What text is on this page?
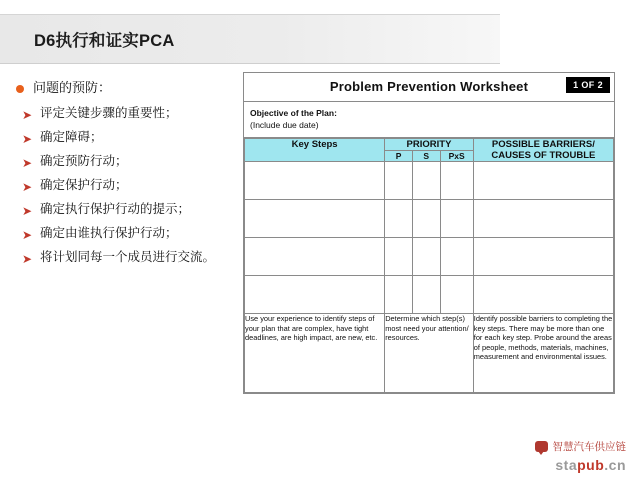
D6执行和证实PCA
问题的预防：
➤ 评定关键步骤的重要性；
➤ 确定障碍；
➤ 确定预防行动；
➤ 确定保护行动；
➤ 确定执行保护行动的提示；
➤ 确定由谁执行保护行动；
➤ 将计划同每一个成员进行交流。
Problem Prevention Worksheet	1 OF 2
Objective of the Plan:
(Include due date)
Key Steps	PRIORITY			POSSIBLE BARRIERS/ CAUSES OF TROUBLE
	P	S	PxS	

Use your experience to identify steps of your plan that are complex, have tight deadlines, are high impact, are new, etc.	Determine which step(s) most need your attention/ resources.			Identify possible barriers to completing the key steps. There may be more than one for each key step. Probe around the areas of people, methods, materials, machines, measurement and environmental issues.
智慧汽车供应链
stapub.cn
